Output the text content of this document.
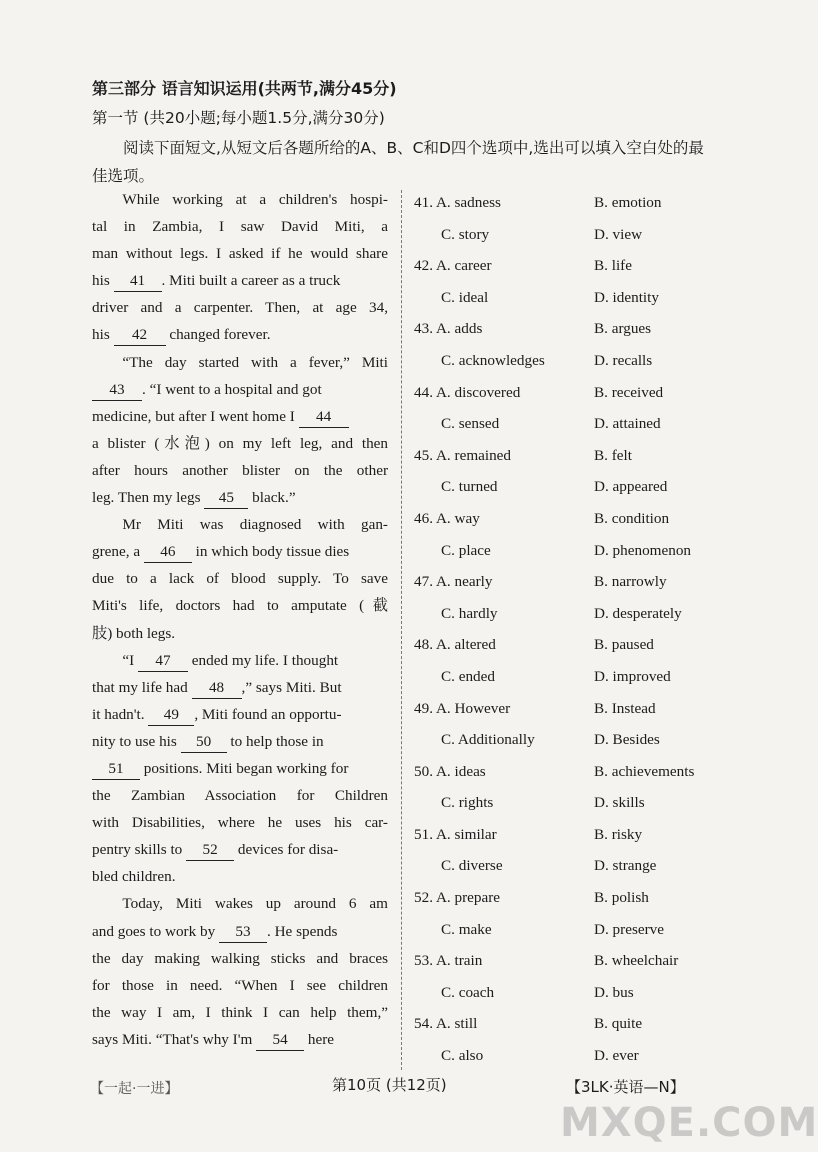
第三部分 语言知识运用(共两节,满分45分)
第一节 (共20小题;每小题1.5分,满分30分)
阅读下面短文,从短文后各题所给的A、B、C和D四个选项中,选出可以填入空白处的最佳选项。
While working at a children's hospi-
tal in Zambia, I saw David Miti, a
man without legs. I asked if he would share
his 41 . Miti built a career as a truck
driver and a carpenter. Then, at age 34,
his 42 changed forever.
“The day started with a fever,” Miti
43 . “I went to a hospital and got
medicine, but after I went home I 44
a blister (水泡) on my left leg, and then
after hours another blister on the other
leg. Then my legs 45 black.”
Mr Miti was diagnosed with gan-
grene, a 46 in which body tissue dies
due to a lack of blood supply. To save
Miti's life, doctors had to amputate (截
肢) both legs.
“I 47 ended my life. I thought
that my life had 48 ,” says Miti. But
it hadn't. 49 , Miti found an opportu-
nity to use his 50 to help those in
51 positions. Miti began working for
the Zambian Association for Children
with Disabilities, where he uses his car-
pentry skills to 52 devices for disa-
bled children.
Today, Miti wakes up around 6 am
and goes to work by 53 . He spends
the day making walking sticks and braces
for those in need. “When I see children
the way I am, I think I can help them,”
says Miti. “That's why I'm 54 here
41. A. sadness	B. emotion
C. story	D. view
42. A. career	B. life
C. ideal	D. identity
43. A. adds	B. argues
C. acknowledges	D. recalls
44. A. discovered	B. received
C. sensed	D. attained
45. A. remained	B. felt
C. turned	D. appeared
46. A. way	B. condition
C. place	D. phenomenon
47. A. nearly	B. narrowly
C. hardly	D. desperately
48. A. altered	B. paused
C. ended	D. improved
49. A. However	B. Instead
C. Additionally	D. Besides
50. A. ideas	B. achievements
C. rights	D. skills
51. A. similar	B. risky
C. diverse	D. strange
52. A. prepare	B. polish
C. make	D. preserve
53. A. train	B. wheelchair
C. coach	D. bus
54. A. still	B. quite
C. also	D. ever
【一起·一进】	第10页 (共12页)	【3LK·英语—N】
MXQE.COM
